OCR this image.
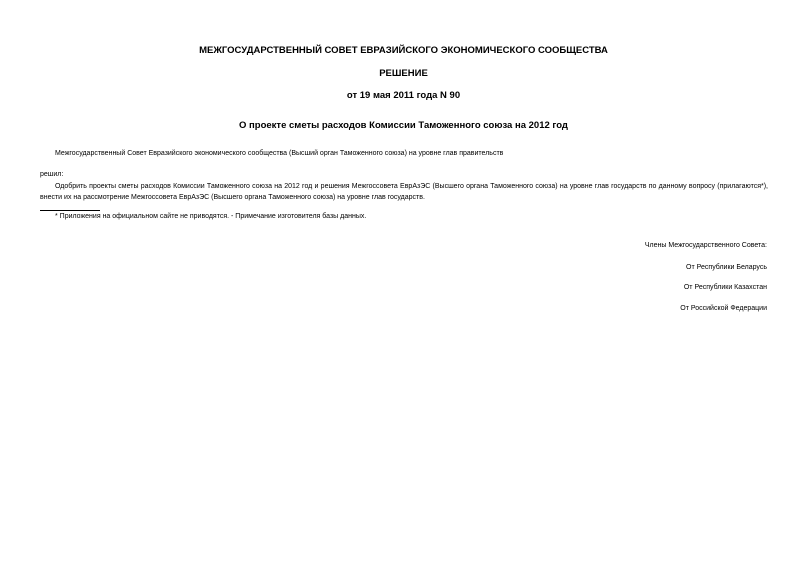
МЕЖГОСУДАРСТВЕННЫЙ СОВЕТ ЕВРАЗИЙСКОГО ЭКОНОМИЧЕСКОГО СООБЩЕСТВА
РЕШЕНИЕ
от 19 мая 2011 года N 90
О проекте сметы расходов Комиссии Таможенного союза на 2012 год
Межгосударственный Совет Евразийского экономического сообщества (Высший орган Таможенного союза) на уровне глав правительств
решил:
Одобрить проекты сметы расходов Комиссии Таможенного союза на 2012 год и решения Межгоссовета ЕврАзЭС (Высшего органа Таможенного союза) на уровне глав государств по данному вопросу (прилагаются*), внести их на рассмотрение Межгоссовета ЕврАзЭС (Высшего органа Таможенного союза) на уровне глав государств.
* Приложения на официальном сайте не приводятся. - Примечание изготовителя базы данных.
Члены Межгосударственного Совета:
От Республики Беларусь
От Республики Казахстан
От Российской Федерации
